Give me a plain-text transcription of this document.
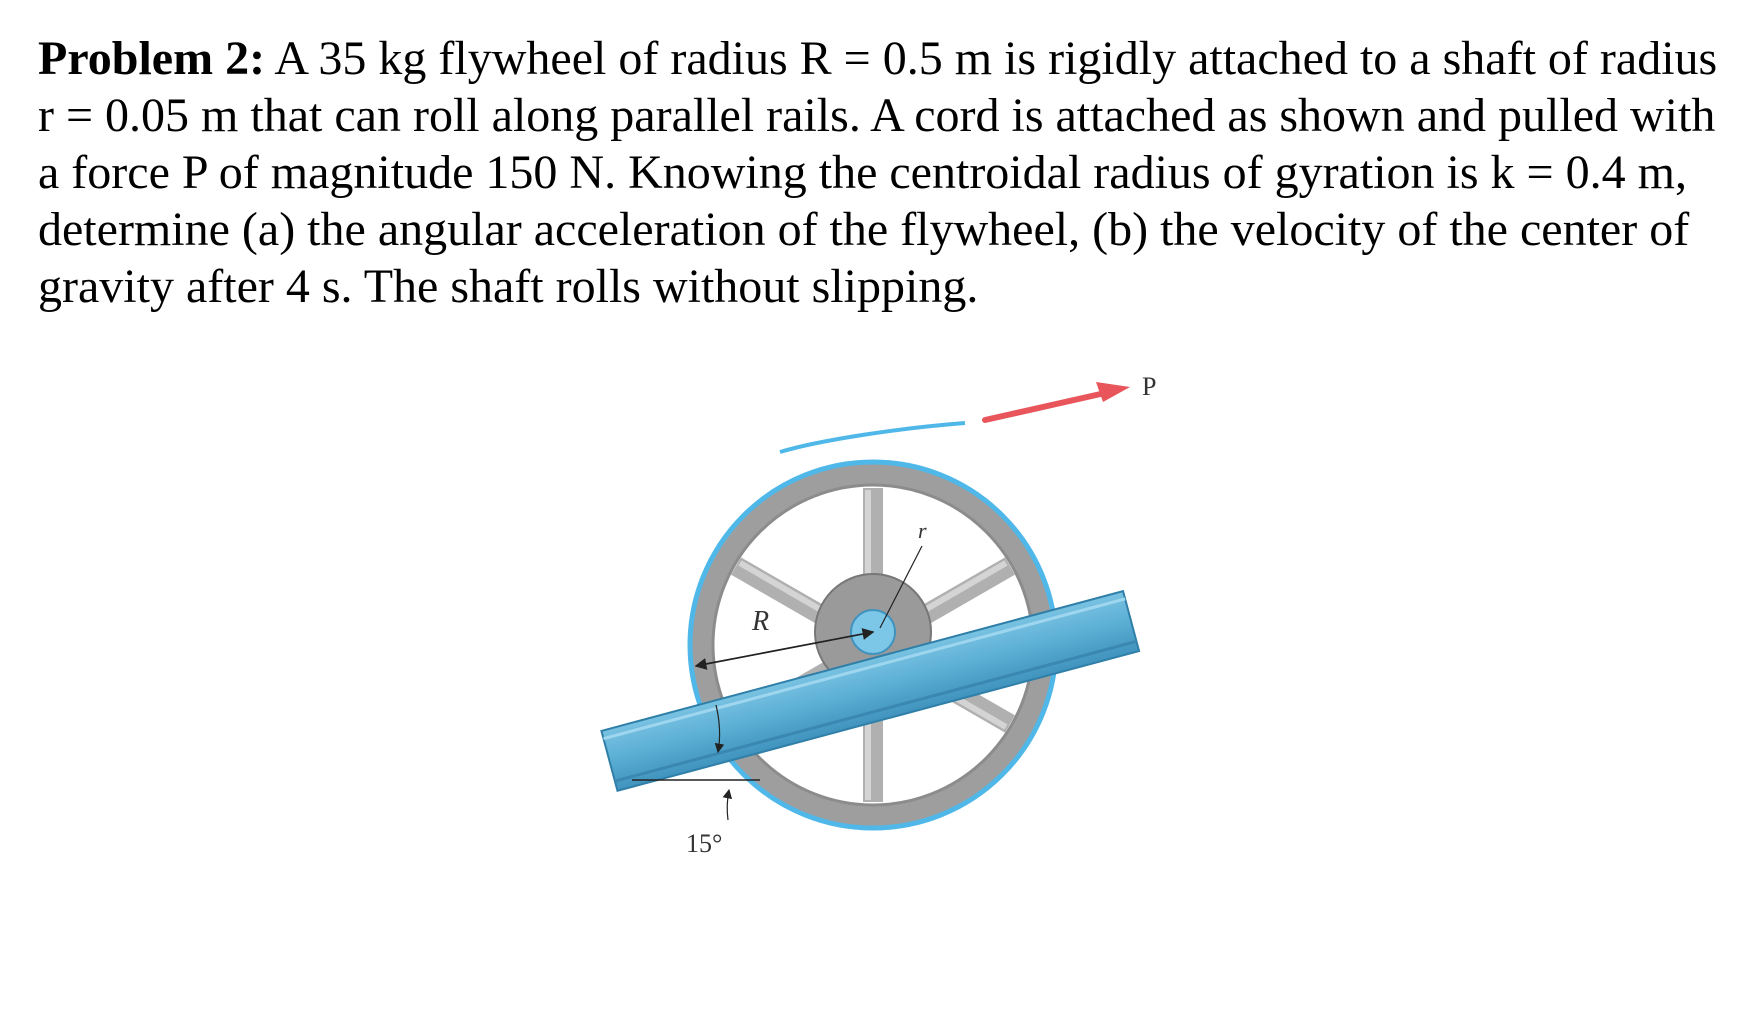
Problem 2: A 35 kg flywheel of radius R = 0.5 m is rigidly attached to a shaft of radius r = 0.05 m that can roll along parallel rails. A cord is attached as shown and pulled with a force P of magnitude 150 N. Knowing the centroidal radius of gyration is k = 0.4 m, determine (a) the angular acceleration of the flywheel, (b) the velocity of the center of gravity after 4 s. The shaft rolls without slipping.

P
R
r
15°
